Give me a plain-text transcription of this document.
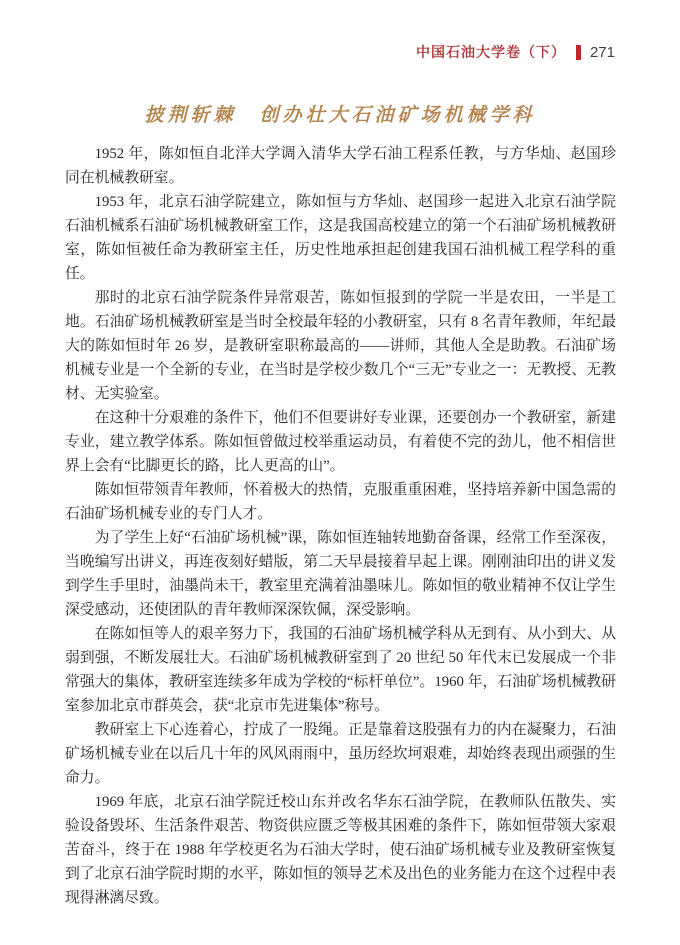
中国石油大学卷（下） 271
披荆斩棘　创办壮大石油矿场机械学科

1952 年，陈如恒自北洋大学调入清华大学石油工程系任教，与方华灿、赵国珍同在机械教研室。

1953 年，北京石油学院建立，陈如恒与方华灿、赵国珍一起进入北京石油学院石油机械系石油矿场机械教研室工作，这是我国高校建立的第一个石油矿场机械教研室，陈如恒被任命为教研室主任，历史性地承担起创建我国石油机械工程学科的重任。

那时的北京石油学院条件异常艰苦，陈如恒报到的学院一半是农田，一半是工地。石油矿场机械教研室是当时全校最年轻的小教研室，只有 8 名青年教师，年纪最大的陈如恒时年 26 岁，是教研室职称最高的——讲师，其他人全是助教。石油矿场机械专业是一个全新的专业，在当时是学校少数几个“三无”专业之一：无教授、无教材、无实验室。

在这种十分艰难的条件下，他们不但要讲好专业课，还要创办一个教研室，新建专业，建立教学体系。陈如恒曾做过校举重运动员，有着使不完的劲儿，他不相信世界上会有“比脚更长的路，比人更高的山”。

陈如恒带领青年教师，怀着极大的热情，克服重重困难，坚持培养新中国急需的石油矿场机械专业的专门人才。

为了学生上好“石油矿场机械”课，陈如恒连轴转地勤奋备课，经常工作至深夜，当晚编写出讲义，再连夜刻好蜡版，第二天早晨接着早起上课。刚刚油印出的讲义发到学生手里时，油墨尚未干，教室里充满着油墨味儿。陈如恒的敬业精神不仅让学生深受感动，还使团队的青年教师深深钦佩，深受影响。

在陈如恒等人的艰辛努力下，我国的石油矿场机械学科从无到有、从小到大、从弱到强，不断发展壮大。石油矿场机械教研室到了 20 世纪 50 年代末已发展成一个非常强大的集体，教研室连续多年成为学校的“标杆单位”。1960 年，石油矿场机械教研室参加北京市群英会，获“北京市先进集体”称号。

教研室上下心连着心，拧成了一股绳。正是靠着这股强有力的内在凝聚力，石油矿场机械专业在以后几十年的风风雨雨中，虽历经坎坷艰难，却始终表现出顽强的生命力。

1969 年底，北京石油学院迁校山东并改名华东石油学院，在教师队伍散失、实验设备毁坏、生活条件艰苦、物资供应匮乏等极其困难的条件下，陈如恒带领大家艰苦奋斗，终于在 1988 年学校更名为石油大学时，使石油矿场机械专业及教研室恢复到了北京石油学院时期的水平，陈如恒的领导艺术及出色的业务能力在这个过程中表现得淋漓尽致。
